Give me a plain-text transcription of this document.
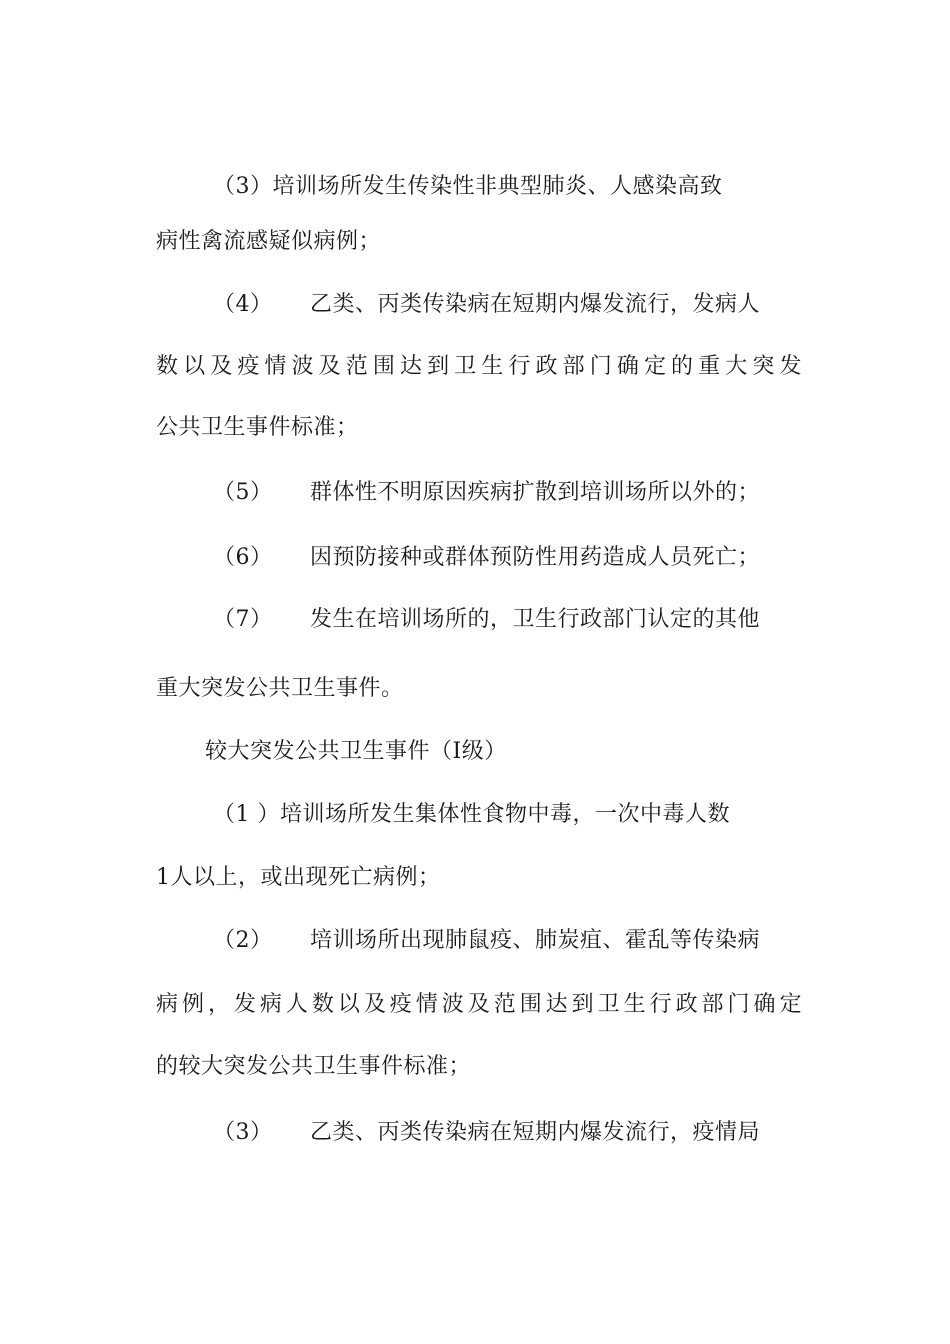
（3）培训场所发生传染性非典型肺炎、人感染高致
病性禽流感疑似病例；
（4） 乙类、丙类传染病在短期内爆发流行，发病人
数以及疫情波及范围达到卫生行政部门确定的重大突发
公共卫生事件标准；
（5） 群体性不明原因疾病扩散到培训场所以外的；
（6） 因预防接种或群体预防性用药造成人员死亡；
（7） 发生在培训场所的，卫生行政部门认定的其他
重大突发公共卫生事件。
较大突发公共卫生事件（Ⅰ级）
（1 ）培训场所发生集体性食物中毒，一次中毒人数
1人以上，或出现死亡病例；
（2） 培训场所出现肺鼠疫、肺炭疽、霍乱等传染病
病例，发病人数以及疫情波及范围达到卫生行政部门确定
的较大突发公共卫生事件标准；
（3） 乙类、丙类传染病在短期内爆发流行，疫情局
